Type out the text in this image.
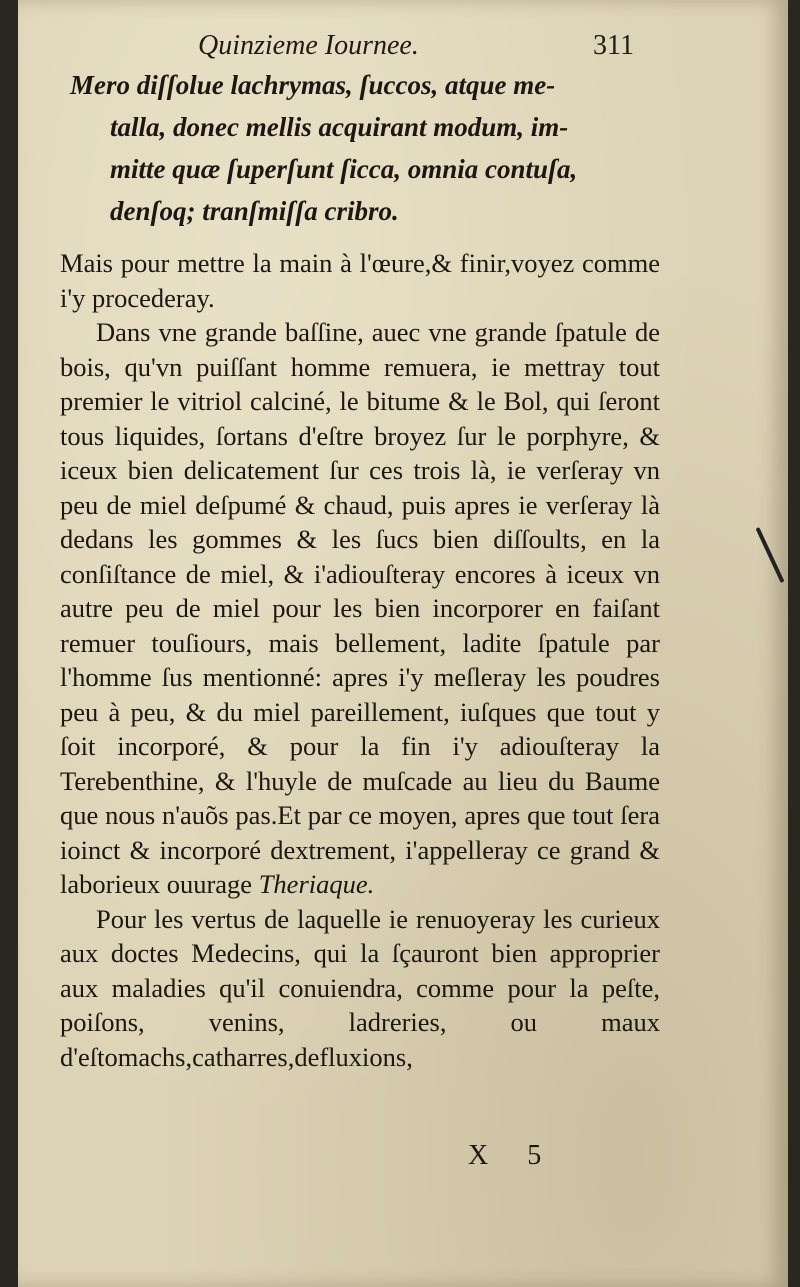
Quinzieme Iournee.	311

Mero diſſolue lachrymas, ſuccos, atque me-

talla, donec mellis acquirant modum, im-

mitte quæ ſuperſunt ſicca, omnia contuſa,

denſoq; tranſmiſſa cribro.

Mais pour mettre la main à l'œure,& finir,voyez comme i'y procederay.

Dans vne grande baſſine, auec vne grande ſpatule de bois, qu'vn puiſſant homme remuera, ie mettray tout premier le vitriol calciné, le bitume & le Bol, qui ſeront tous liquides, ſortans d'eſtre broyez ſur le porphyre, & iceux bien delicatement ſur ces trois là, ie verſeray vn peu de miel deſpumé & chaud, puis apres ie verſeray là dedans les gommes & les ſucs bien diſſoults, en la conſiſtance de miel, & i'adiouſteray encores à iceux vn autre peu de miel pour les bien incorporer en faiſant remuer touſiours, mais bellement, ladite ſpatule par l'homme ſus mentionné: apres i'y meſleray les poudres peu à peu, & du miel pareillement, iuſques que tout y ſoit incorporé, & pour la fin i'y adiouſteray la Terebenthine, & l'huyle de muſcade au lieu du Baume que nous n'auõs pas.Et par ce moyen, apres que tout ſera ioinct & incorporé dextrement, i'appelleray ce grand & laborieux ouurage Theriaque.

Pour les vertus de laquelle ie renuoyeray les curieux aux doctes Medecins, qui la ſçauront bien approprier aux maladies qu'il conuiendra, comme pour la peſte, poiſons, venins, ladreries, ou maux d'eſtomachs,catharres,defluxions,

X 5
